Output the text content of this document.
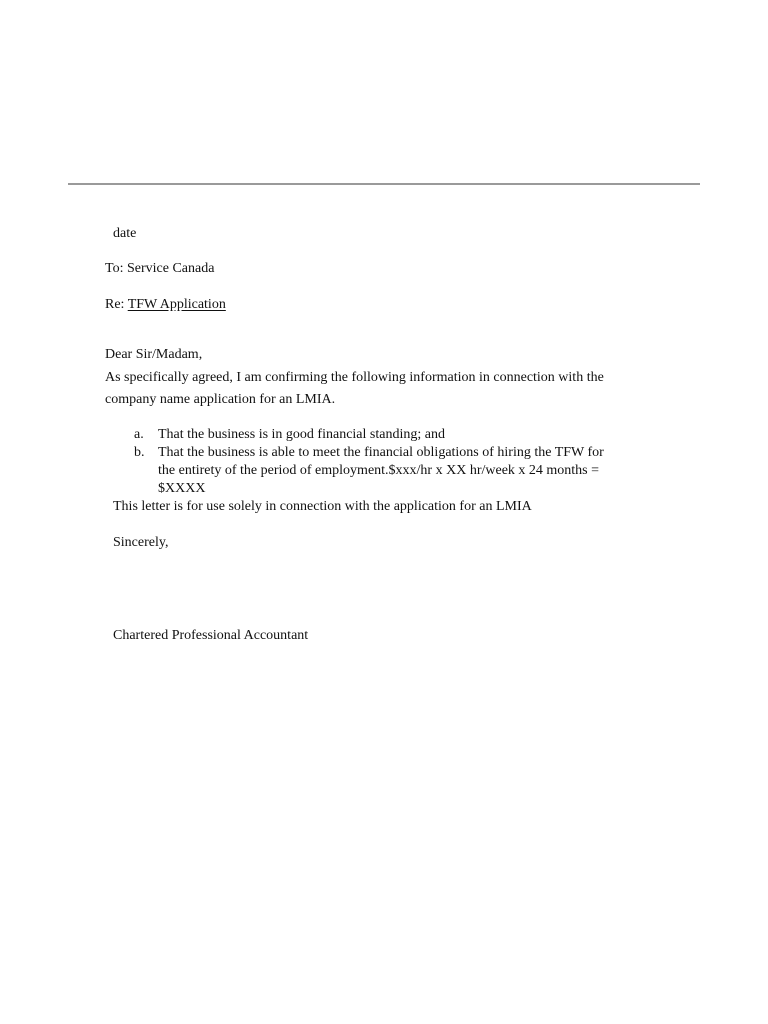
date
To: Service Canada
Re: TFW Application
Dear Sir/Madam,
As specifically agreed, I am confirming the following information in connection with the
company name application for an LMIA.
a. That the business is in good financial standing; and
b. That the business is able to meet the financial obligations of hiring the TFW for
the entirety of the period of employment.$xxx/hr x XX hr/week x 24 months =
$XXXX
This letter is for use solely in connection with the application for an LMIA
Sincerely,
Chartered Professional Accountant
